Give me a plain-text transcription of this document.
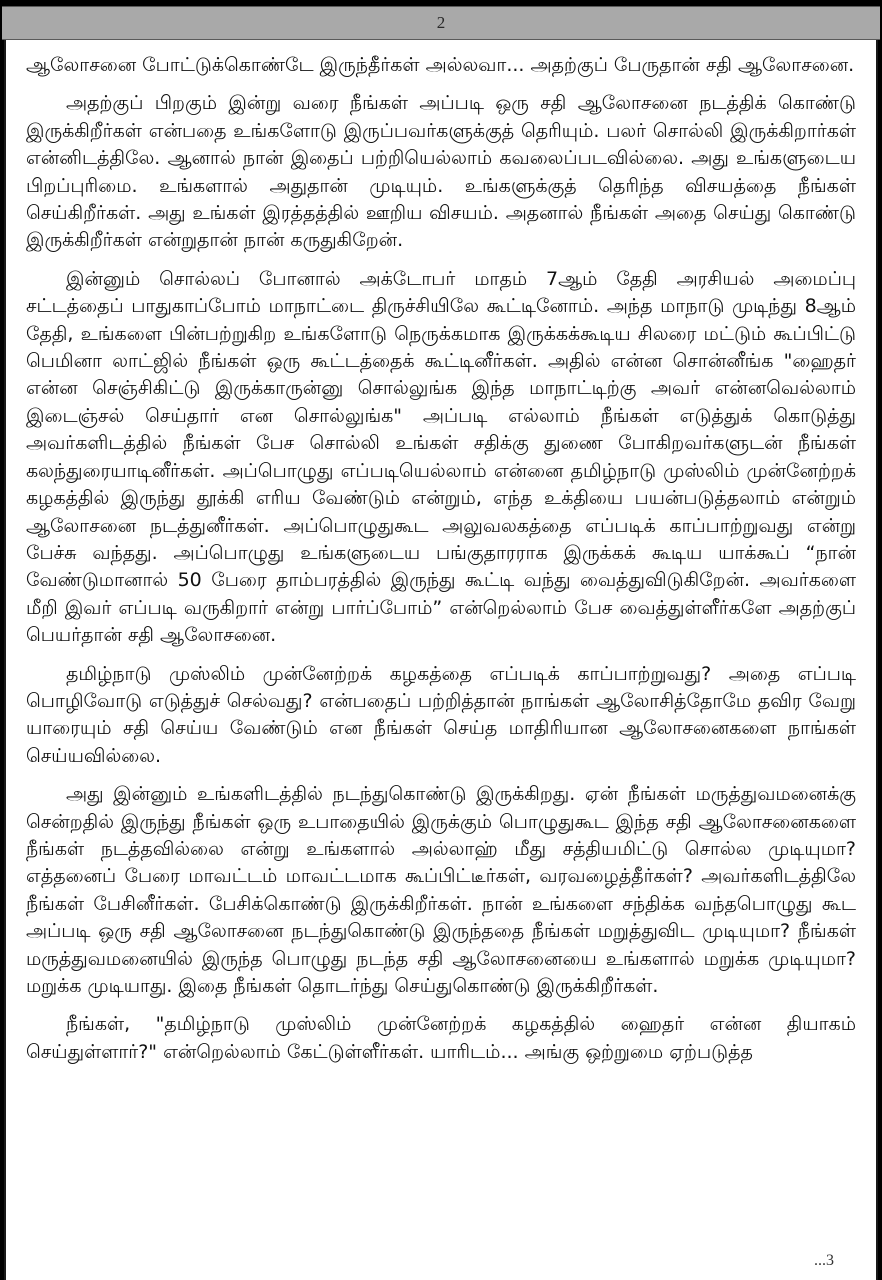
2

ஆலோசனை போட்டுக்கொண்டே இருந்தீர்கள் அல்லவா... அதற்குப் பேருதான் சதி ஆலோசனை.

அதற்குப் பிறகும் இன்று வரை நீங்கள் அப்படி ஒரு சதி ஆலோசனை நடத்திக் கொண்டு இருக்கிறீர்கள் என்பதை உங்களோடு இருப்பவர்களுக்குத் தெரியும். பலர் சொல்லி இருக்கிறார்கள் என்னிடத்திலே. ஆனால் நான் இதைப் பற்றியெல்லாம் கவலைப்படவில்லை. அது உங்களுடைய பிறப்புரிமை. உங்களால் அதுதான் முடியும். உங்களுக்குத் தெரிந்த விசயத்தை நீங்கள் செய்கிறீர்கள். அது உங்கள் இரத்தத்தில் ஊறிய விசயம். அதனால் நீங்கள் அதை செய்து கொண்டு இருக்கிறீர்கள் என்றுதான் நான் கருதுகிறேன்.

இன்னும் சொல்லப் போனால் அக்டோபர் மாதம் 7ஆம் தேதி அரசியல் அமைப்பு சட்டத்தைப் பாதுகாப்போம் மாநாட்டை திருச்சியிலே கூட்டினோம். அந்த மாநாடு முடிந்து 8ஆம் தேதி, உங்களை பின்பற்றுகிற உங்களோடு நெருக்கமாக இருக்கக்கூடிய சிலரை மட்டும் கூப்பிட்டு பெமினா லாட்ஜில் நீங்கள் ஒரு கூட்டத்தைக் கூட்டினீர்கள். அதில் என்ன சொன்னீங்க "ஹைதர் என்ன செஞ்சிகிட்டு இருக்காருன்னு சொல்லுங்க இந்த மாநாட்டிற்கு அவர் என்னவெல்லாம் இடைஞ்சல் செய்தார் என சொல்லுங்க" அப்படி எல்லாம் நீங்கள் எடுத்துக் கொடுத்து அவர்களிடத்தில் நீங்கள் பேச சொல்லி உங்கள் சதிக்கு துணை போகிறவர்களுடன் நீங்கள் கலந்துரையாடினீர்கள். அப்பொழுது எப்படியெல்லாம் என்னை தமிழ்நாடு முஸ்லிம் முன்னேற்றக் கழகத்தில் இருந்து தூக்கி எரிய வேண்டும் என்றும், எந்த உக்தியை பயன்படுத்தலாம் என்றும் ஆலோசனை நடத்துனீர்கள். அப்பொழுதுகூட அலுவலகத்தை எப்படிக் காப்பாற்றுவது என்று பேச்சு வந்தது. அப்பொழுது உங்களுடைய பங்குதாரராக இருக்கக் கூடிய யாக்கூப் “நான் வேண்டுமானால் 50 பேரை தாம்பரத்தில் இருந்து கூட்டி வந்து வைத்துவிடுகிறேன். அவர்களை மீறி இவர் எப்படி வருகிறார் என்று பார்ப்போம்” என்றெல்லாம் பேச வைத்துள்ளீர்களே அதற்குப் பெயர்தான் சதி ஆலோசனை.

தமிழ்நாடு முஸ்லிம் முன்னேற்றக் கழகத்தை எப்படிக் காப்பாற்றுவது? அதை எப்படி பொழிவோடு எடுத்துச் செல்வது? என்பதைப் பற்றித்தான் நாங்கள் ஆலோசித்தோமே தவிர வேறு யாரையும் சதி செய்ய வேண்டும் என நீங்கள் செய்த மாதிரியான ஆலோசனைகளை நாங்கள் செய்யவில்லை.

அது இன்னும் உங்களிடத்தில் நடந்துகொண்டு இருக்கிறது. ஏன் நீங்கள் மருத்துவமனைக்கு சென்றதில் இருந்து நீங்கள் ஒரு உபாதையில் இருக்கும் பொழுதுகூட இந்த சதி ஆலோசனைகளை நீங்கள் நடத்தவில்லை என்று உங்களால் அல்லாஹ் மீது சத்தியமிட்டு சொல்ல முடியுமா? எத்தனைப் பேரை மாவட்டம் மாவட்டமாக கூப்பிட்டீர்கள், வரவழைத்தீர்கள்? அவர்களிடத்திலே நீங்கள் பேசினீர்கள். பேசிக்கொண்டு இருக்கிறீர்கள். நான் உங்களை சந்திக்க வந்தபொழுது கூட அப்படி ஒரு சதி ஆலோசனை நடந்துகொண்டு இருந்ததை நீங்கள் மறுத்துவிட முடியுமா? நீங்கள் மருத்துவமனையில் இருந்த பொழுது நடந்த சதி ஆலோசனையை உங்களால் மறுக்க முடியுமா? மறுக்க முடியாது. இதை நீங்கள் தொடர்ந்து செய்துகொண்டு இருக்கிறீர்கள்.

நீங்கள், "தமிழ்நாடு முஸ்லிம் முன்னேற்றக் கழகத்தில் ஹைதர் என்ன தியாகம் செய்துள்ளார்?" என்றெல்லாம் கேட்டுள்ளீர்கள். யாரிடம்... அங்கு ஒற்றுமை ஏற்படுத்த

...3
